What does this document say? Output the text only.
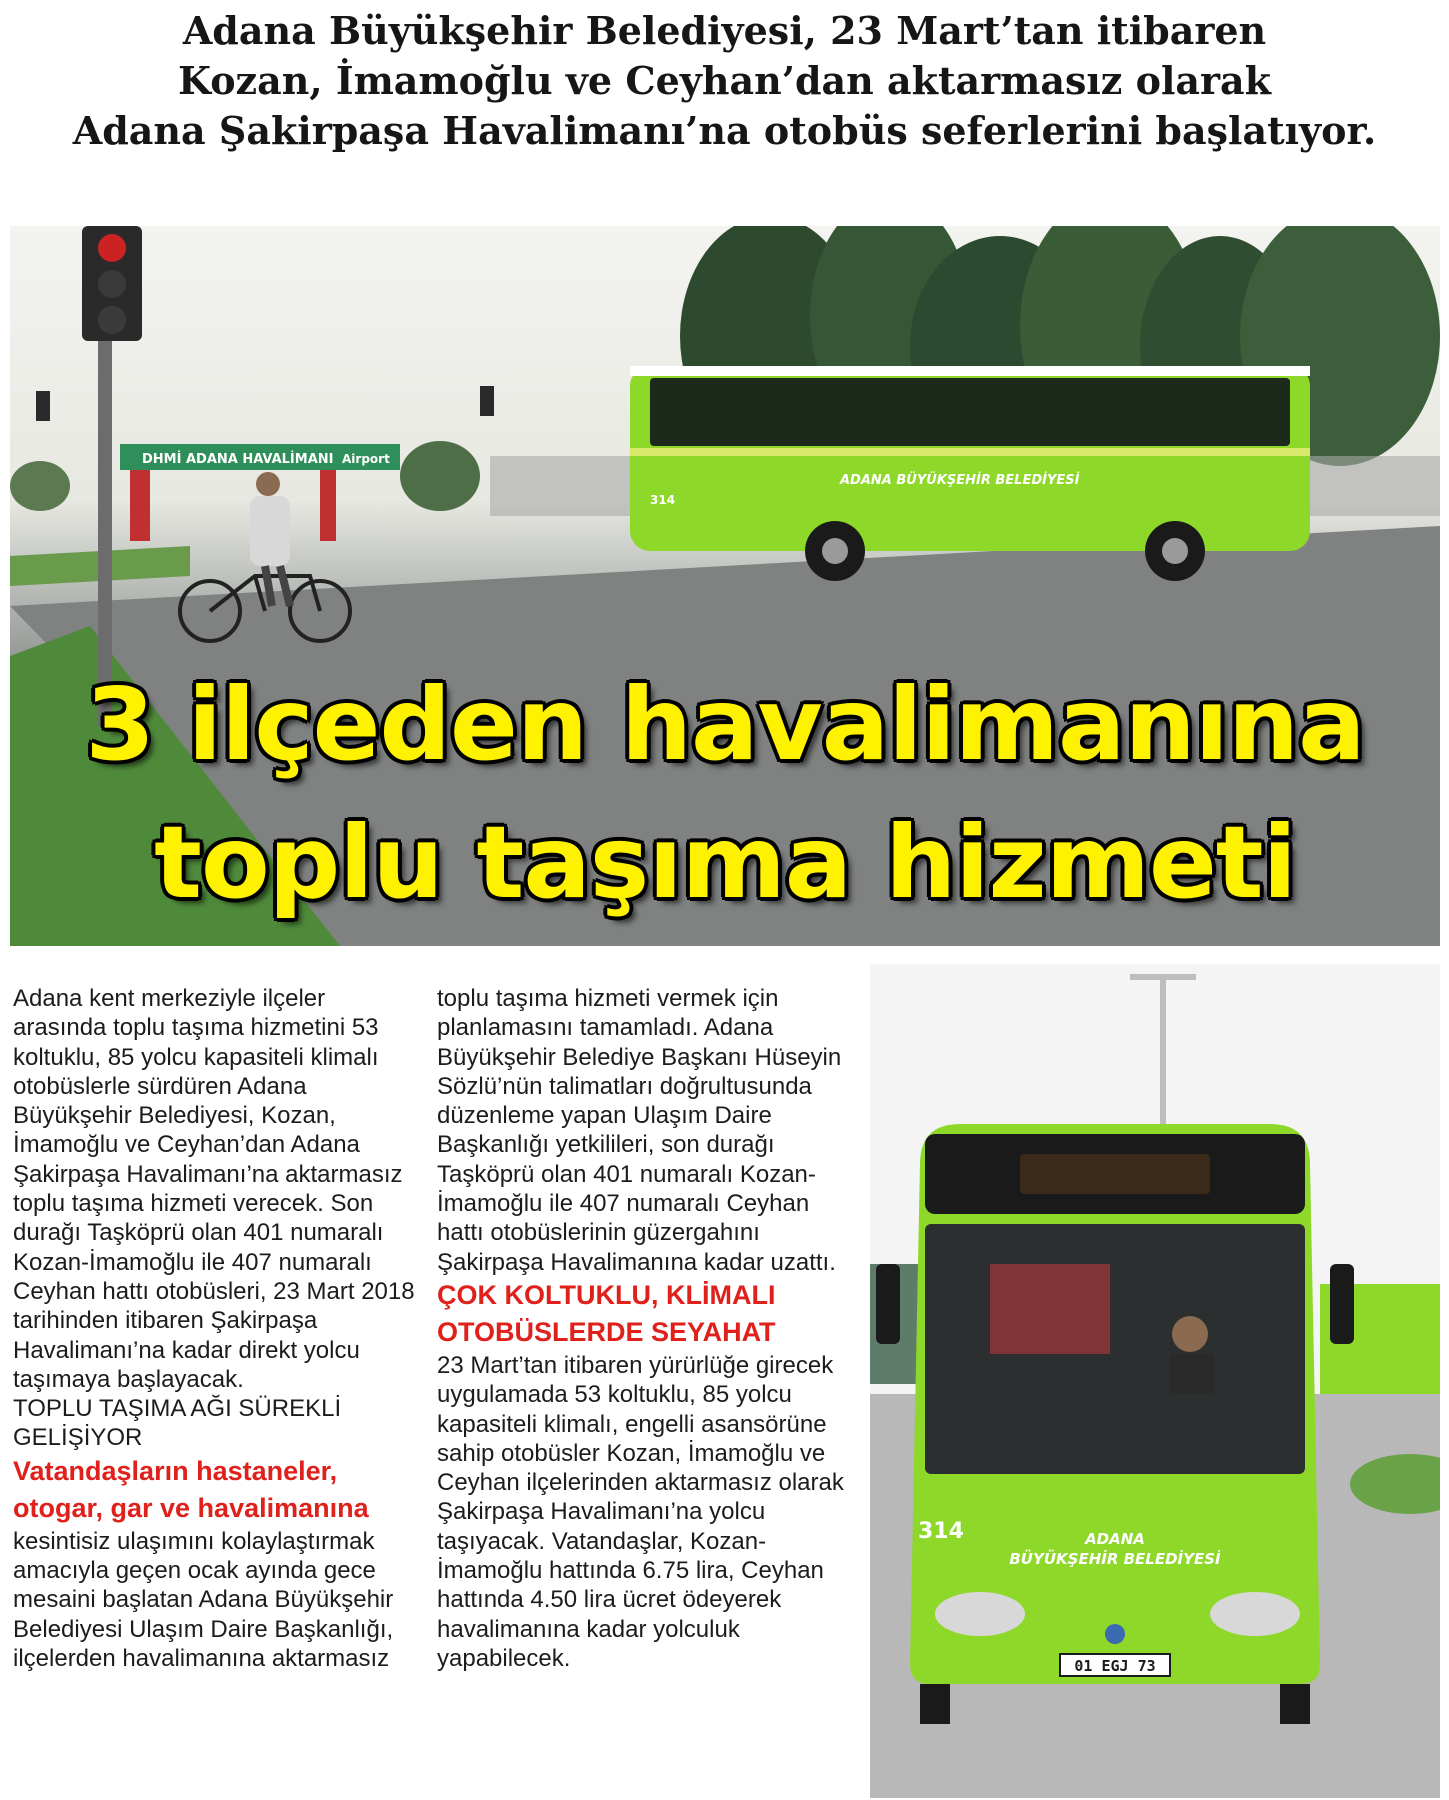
Adana Büyükşehir Belediyesi, 23 Mart’tan itibaren
Kozan, İmamoğlu ve Ceyhan’dan aktarmasız olarak
Adana Şakirpaşa Havalimanı’na otobüs seferlerini başlatıyor.
DHMİ ADANA HAVALİMANI Airport
ADANA BÜYÜKŞEHİR BELEDİYESİ
314
3 ilçeden havalimanına
toplu taşıma hizmeti

Adana kent merkeziyle ilçeler arasında toplu taşıma hizmetini 53 koltuklu, 85 yolcu kapasiteli klimalı otobüslerle sürdüren Adana Büyükşehir Belediyesi, Kozan, İmamoğlu ve Ceyhan’dan Adana Şakirpaşa Havalimanı’na aktarmasız toplu taşıma hizmeti verecek. Son durağı Taşköprü olan 401 numaralı Kozan-İmamoğlu ile 407 numaralı Ceyhan hattı otobüsleri, 23 Mart 2018 tarihinden itibaren Şakirpaşa Havalimanı’na kadar direkt yolcu taşımaya başlayacak.

TOPLU TAŞIMA AĞI SÜREKLİ GELİŞİYOR

Vatandaşların hastaneler, otogar, gar ve havalimanına

kesintisiz ulaşımını kolaylaştırmak amacıyla geçen ocak ayında gece mesaini başlatan Adana Büyükşehir Belediyesi Ulaşım Daire Başkanlığı, ilçelerden havalimanına aktarmasız

toplu taşıma hizmeti vermek için planlamasını tamamladı. Adana Büyükşehir Belediye Başkanı Hüseyin Sözlü’nün talimatları doğrultusunda düzenleme yapan Ulaşım Daire Başkanlığı yetkilileri, son durağı Taşköprü olan 401 numaralı Kozan-İmamoğlu ile 407 numaralı Ceyhan hattı otobüslerinin güzergahını Şakirpaşa Havalimanına kadar uzattı.

ÇOK KOLTUKLU, KLİMALI

OTOBÜSLERDE SEYAHAT

23 Mart’tan itibaren yürürlüğe girecek uygulamada 53 koltuklu, 85 yolcu kapasiteli klimalı, engelli asansörüne sahip otobüsler Kozan, İmamoğlu ve Ceyhan ilçelerinden aktarmasız olarak Şakirpaşa Havalimanı’na yolcu taşıyacak. Vatandaşlar, Kozan-İmamoğlu hattında 6.75 lira, Ceyhan hattında 4.50 lira ücret ödeyerek havalimanına kadar yolculuk yapabilecek.

ADANA
BÜYÜKŞEHİR BELEDİYESİ
314
01 EGJ 73
